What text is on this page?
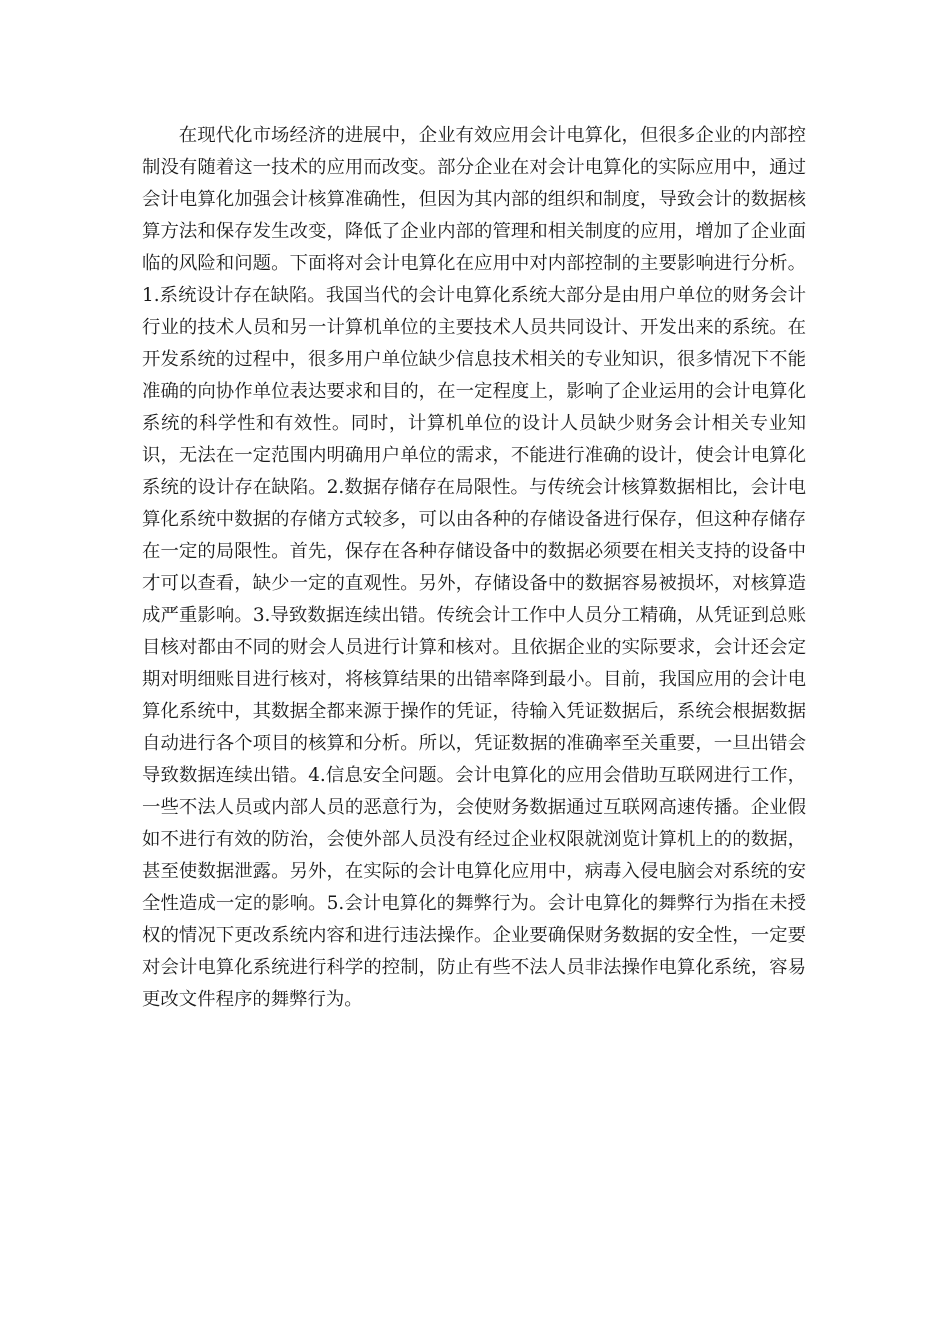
在现代化市场经济的进展中，企业有效应用会计电算化，但很多企业的内部控制没有随着这一技术的应用而改变。部分企业在对会计电算化的实际应用中，通过会计电算化加强会计核算准确性，但因为其内部的组织和制度，导致会计的数据核算方法和保存发生改变，降低了企业内部的管理和相关制度的应用，增加了企业面临的风险和问题。下面将对会计电算化在应用中对内部控制的主要影响进行分析。1.系统设计存在缺陷。我国当代的会计电算化系统大部分是由用户单位的财务会计行业的技术人员和另一计算机单位的主要技术人员共同设计、开发出来的系统。在开发系统的过程中，很多用户单位缺少信息技术相关的专业知识，很多情况下不能准确的向协作单位表达要求和目的，在一定程度上，影响了企业运用的会计电算化系统的科学性和有效性。同时，计算机单位的设计人员缺少财务会计相关专业知识，无法在一定范围内明确用户单位的需求，不能进行准确的设计，使会计电算化系统的设计存在缺陷。2.数据存储存在局限性。与传统会计核算数据相比，会计电算化系统中数据的存储方式较多，可以由各种的存储设备进行保存，但这种存储存在一定的局限性。首先，保存在各种存储设备中的数据必须要在相关支持的设备中才可以查看，缺少一定的直观性。另外，存储设备中的数据容易被损坏，对核算造成严重影响。3.导致数据连续出错。传统会计工作中人员分工精确，从凭证到总账目核对都由不同的财会人员进行计算和核对。且依据企业的实际要求，会计还会定期对明细账目进行核对，将核算结果的出错率降到最小。目前，我国应用的会计电算化系统中，其数据全都来源于操作的凭证，待输入凭证数据后，系统会根据数据自动进行各个项目的核算和分析。所以，凭证数据的准确率至关重要，一旦出错会导致数据连续出错。4.信息安全问题。会计电算化的应用会借助互联网进行工作，一些不法人员或内部人员的恶意行为，会使财务数据通过互联网高速传播。企业假如不进行有效的防治，会使外部人员没有经过企业权限就浏览计算机上的的数据，甚至使数据泄露。另外，在实际的会计电算化应用中，病毒入侵电脑会对系统的安全性造成一定的影响。5.会计电算化的舞弊行为。会计电算化的舞弊行为指在未授权的情况下更改系统内容和进行违法操作。企业要确保财务数据的安全性，一定要对会计电算化系统进行科学的控制，防止有些不法人员非法操作电算化系统，容易更改文件程序的舞弊行为。
